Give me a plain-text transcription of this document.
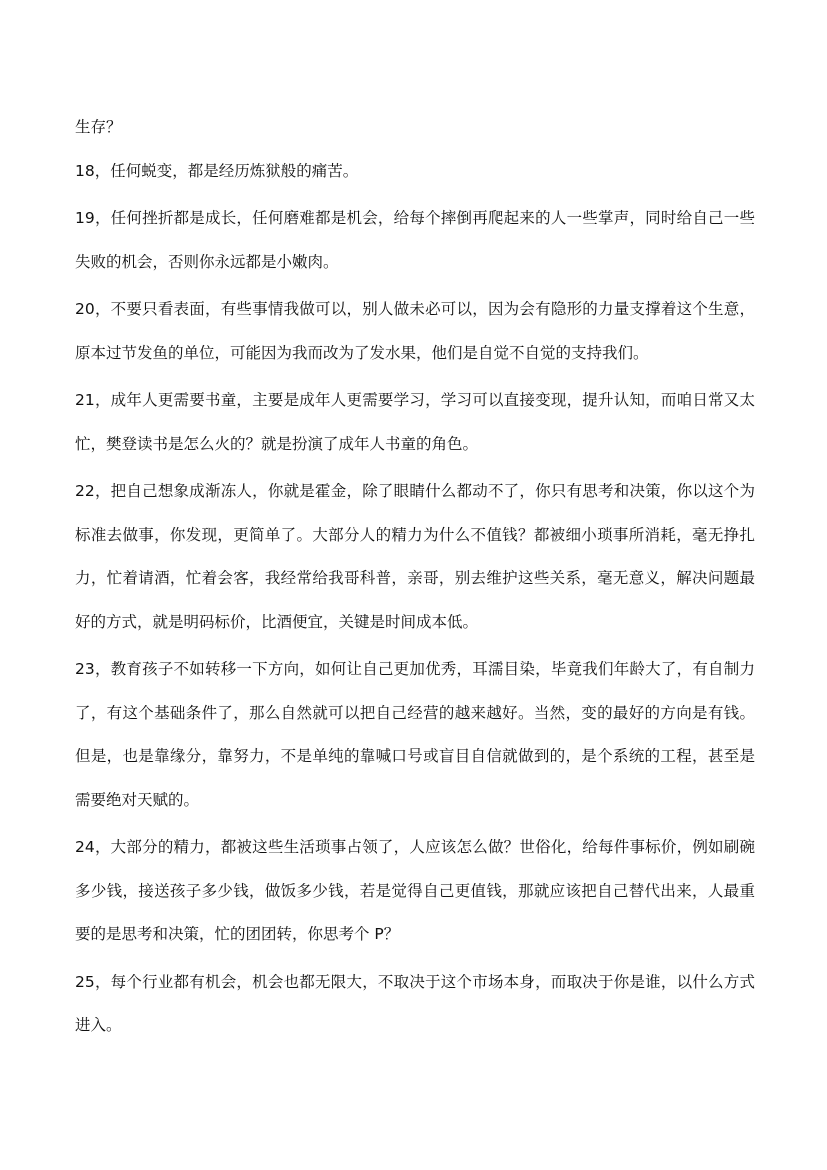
生存？

18，任何蜕变，都是经历炼狱般的痛苦。

19，任何挫折都是成长，任何磨难都是机会，给每个摔倒再爬起来的人一些掌声，同时给自己一些失败的机会，否则你永远都是小嫩肉。

20，不要只看表面，有些事情我做可以，别人做未必可以，因为会有隐形的力量支撑着这个生意，原本过节发鱼的单位，可能因为我而改为了发水果，他们是自觉不自觉的支持我们。

21，成年人更需要书童，主要是成年人更需要学习，学习可以直接变现，提升认知，而咱日常又太忙，樊登读书是怎么火的？就是扮演了成年人书童的角色。

22，把自己想象成渐冻人，你就是霍金，除了眼睛什么都动不了，你只有思考和决策，你以这个为标准去做事，你发现，更简单了。大部分人的精力为什么不值钱？都被细小琐事所消耗，毫无挣扎力，忙着请酒，忙着会客，我经常给我哥科普，亲哥，别去维护这些关系，毫无意义，解决问题最好的方式，就是明码标价，比酒便宜，关键是时间成本低。

23，教育孩子不如转移一下方向，如何让自己更加优秀，耳濡目染，毕竟我们年龄大了，有自制力了，有这个基础条件了，那么自然就可以把自己经营的越来越好。当然，变的最好的方向是有钱。但是，也是靠缘分，靠努力，不是单纯的靠喊口号或盲目自信就做到的，是个系统的工程，甚至是需要绝对天赋的。

24，大部分的精力，都被这些生活琐事占领了，人应该怎么做？世俗化，给每件事标价，例如刷碗多少钱，接送孩子多少钱，做饭多少钱，若是觉得自己更值钱，那就应该把自己替代出来，人最重要的是思考和决策，忙的团团转，你思考个 P？

25，每个行业都有机会，机会也都无限大，不取决于这个市场本身，而取决于你是谁，以什么方式进入。
